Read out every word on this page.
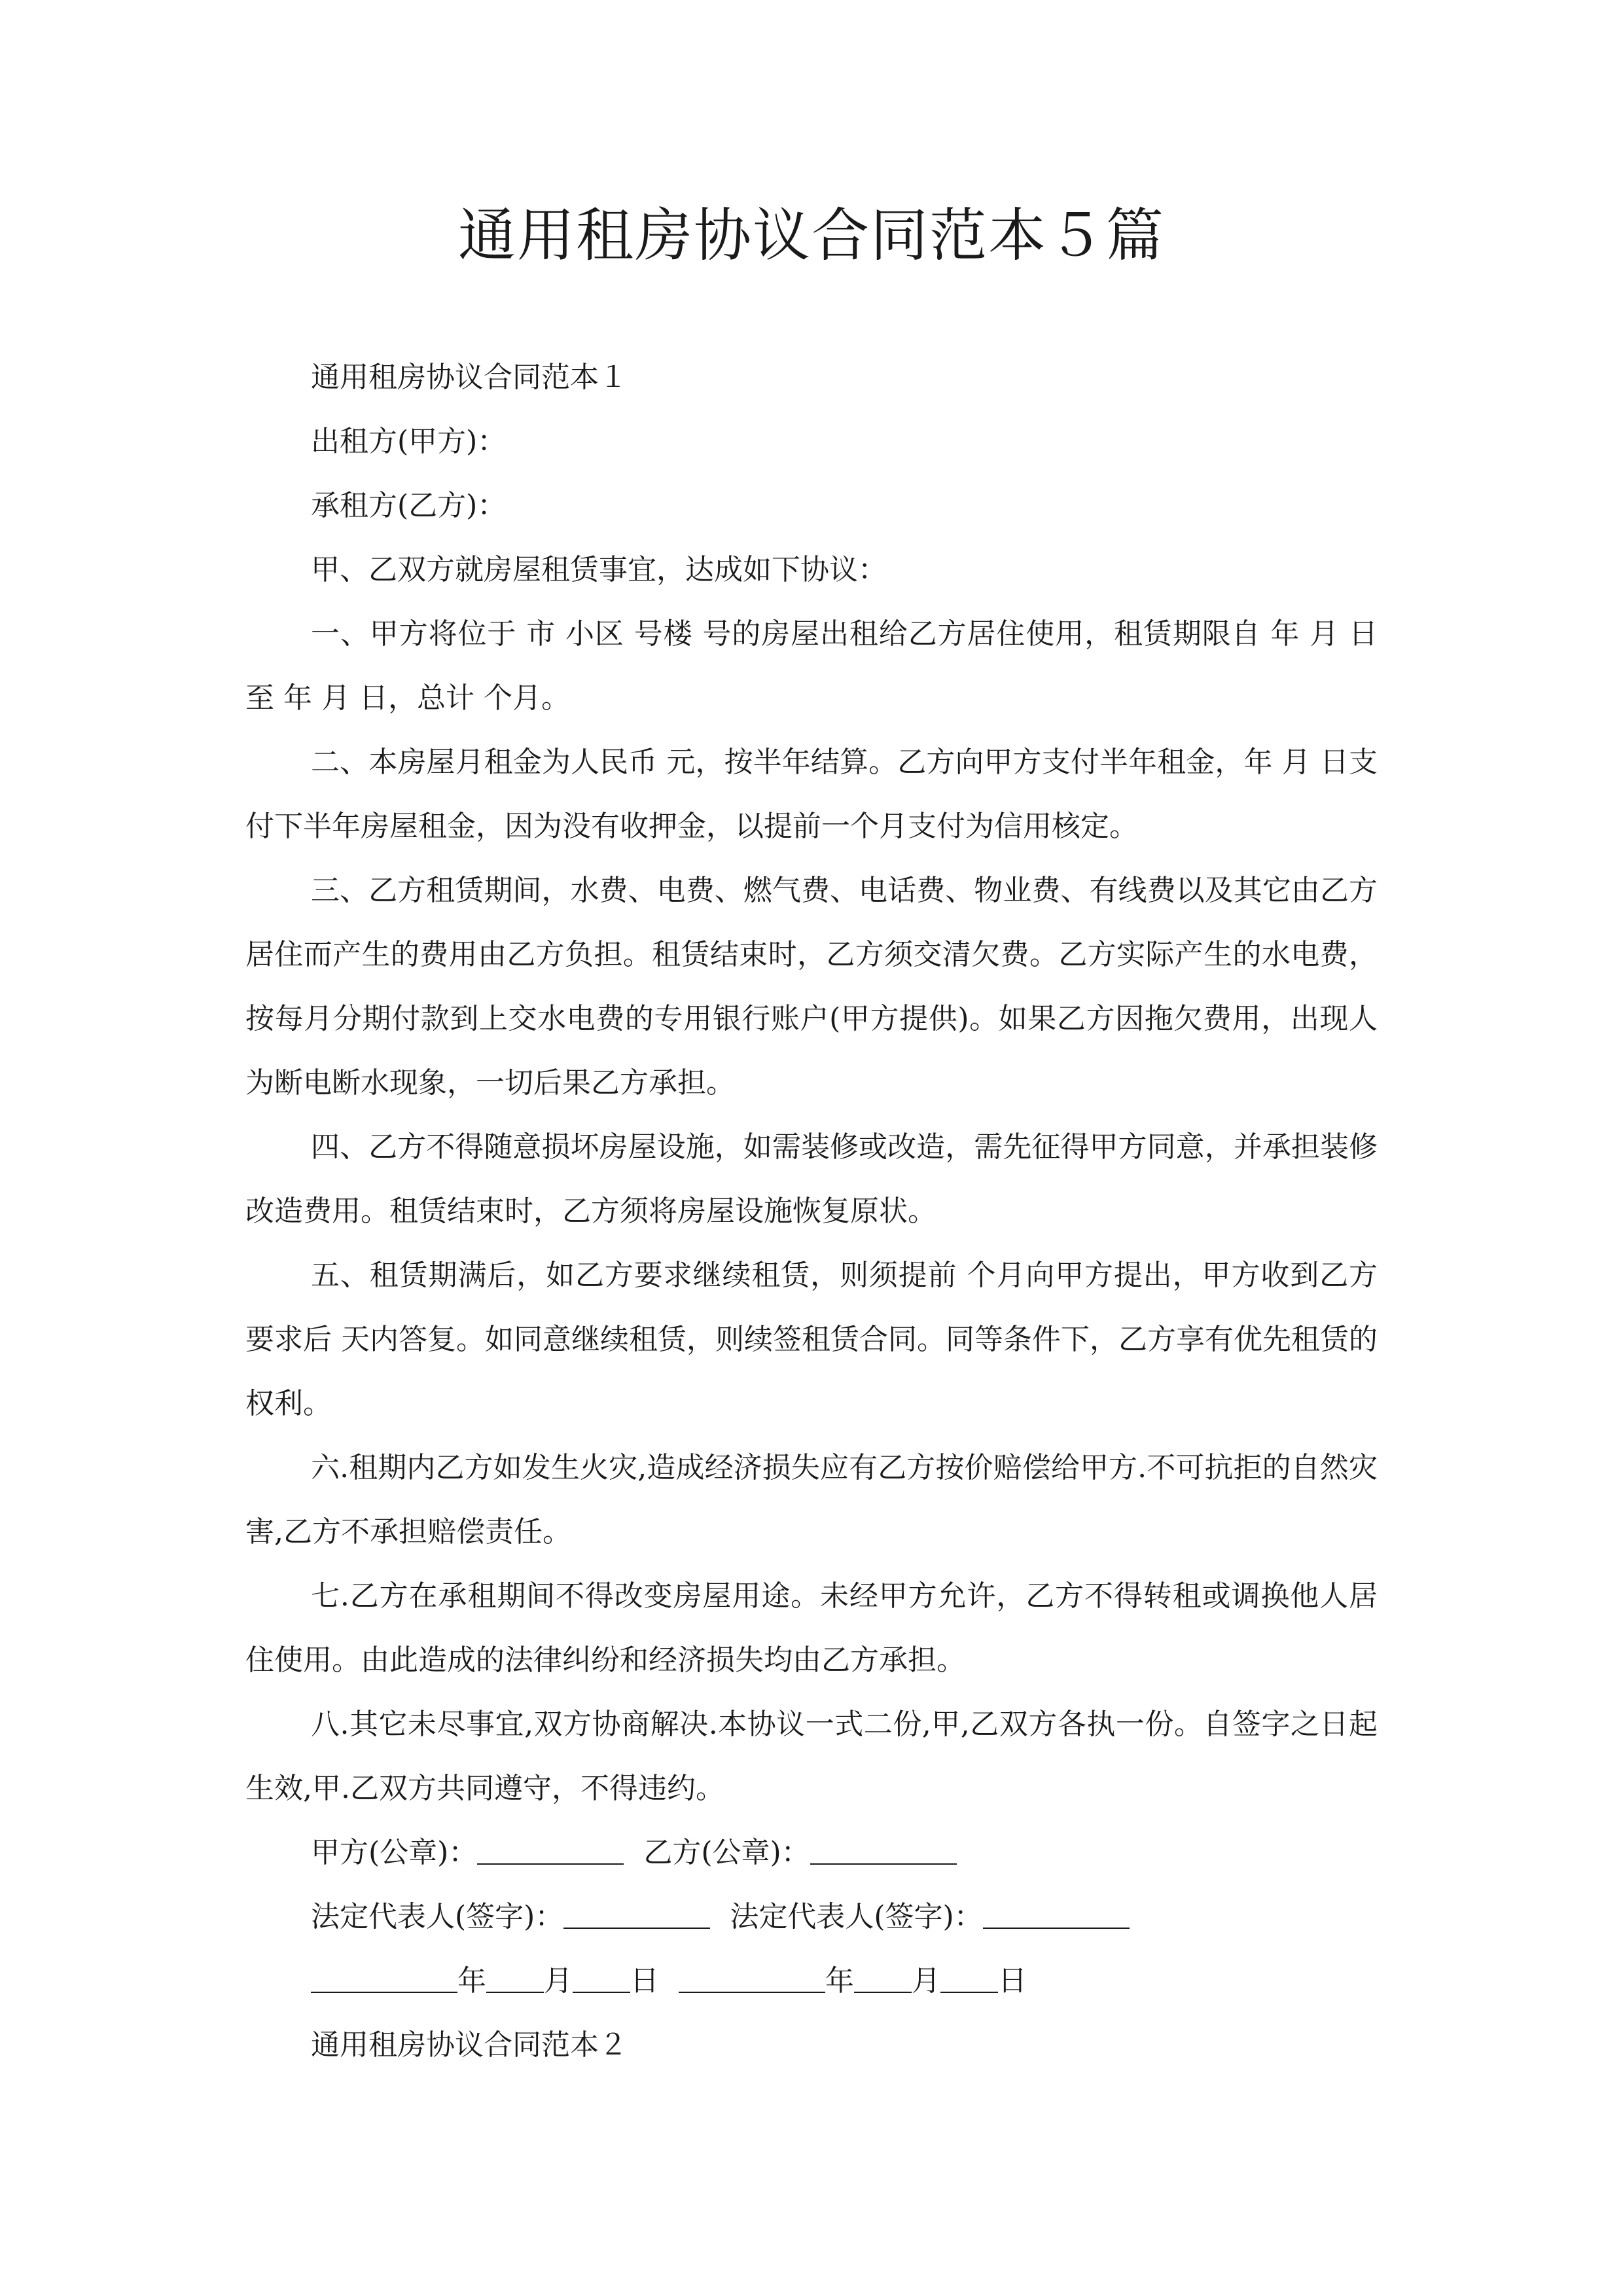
通用租房协议合同范本５篇

通用租房协议合同范本１

出租方(甲方)：

承租方(乙方)：

甲、乙双方就房屋租赁事宜，达成如下协议：

一、甲方将位于 市 小区 号楼 号的房屋出租给乙方居住使用，租赁期限自 年 月 日至 年 月 日，总计 个月。

二、本房屋月租金为人民币 元，按半年结算。乙方向甲方支付半年租金，年 月 日支付下半年房屋租金，因为没有收押金，以提前一个月支付为信用核定。

三、乙方租赁期间，水费、电费、燃气费、电话费、物业费、有线费以及其它由乙方居住而产生的费用由乙方负担。租赁结束时，乙方须交清欠费。乙方实际产生的水电费，按每月分期付款到上交水电费的专用银行账户(甲方提供)。如果乙方因拖欠费用，出现人为断电断水现象，一切后果乙方承担。

四、乙方不得随意损坏房屋设施，如需装修或改造，需先征得甲方同意，并承担装修改造费用。租赁结束时，乙方须将房屋设施恢复原状。

五、租赁期满后，如乙方要求继续租赁，则须提前 个月向甲方提出，甲方收到乙方要求后 天内答复。如同意继续租赁，则续签租赁合同。同等条件下，乙方享有优先租赁的权利。

六.租期内乙方如发生火灾,造成经济损失应有乙方按价赔偿给甲方.不可抗拒的自然灾害,乙方不承担赔偿责任。

七.乙方在承租期间不得改变房屋用途。未经甲方允许，乙方不得转租或调换他人居住使用。由此造成的法律纠纷和经济损失均由乙方承担。

八.其它未尽事宜,双方协商解决.本协议一式二份,甲,乙双方各执一份。自签字之日起生效,甲.乙双方共同遵守，不得违约。

甲方(公章)：	乙方(公章)：

法定代表人(签字)：	法定代表人(签字)：

年 月 日	年 月 日

通用租房协议合同范本２
